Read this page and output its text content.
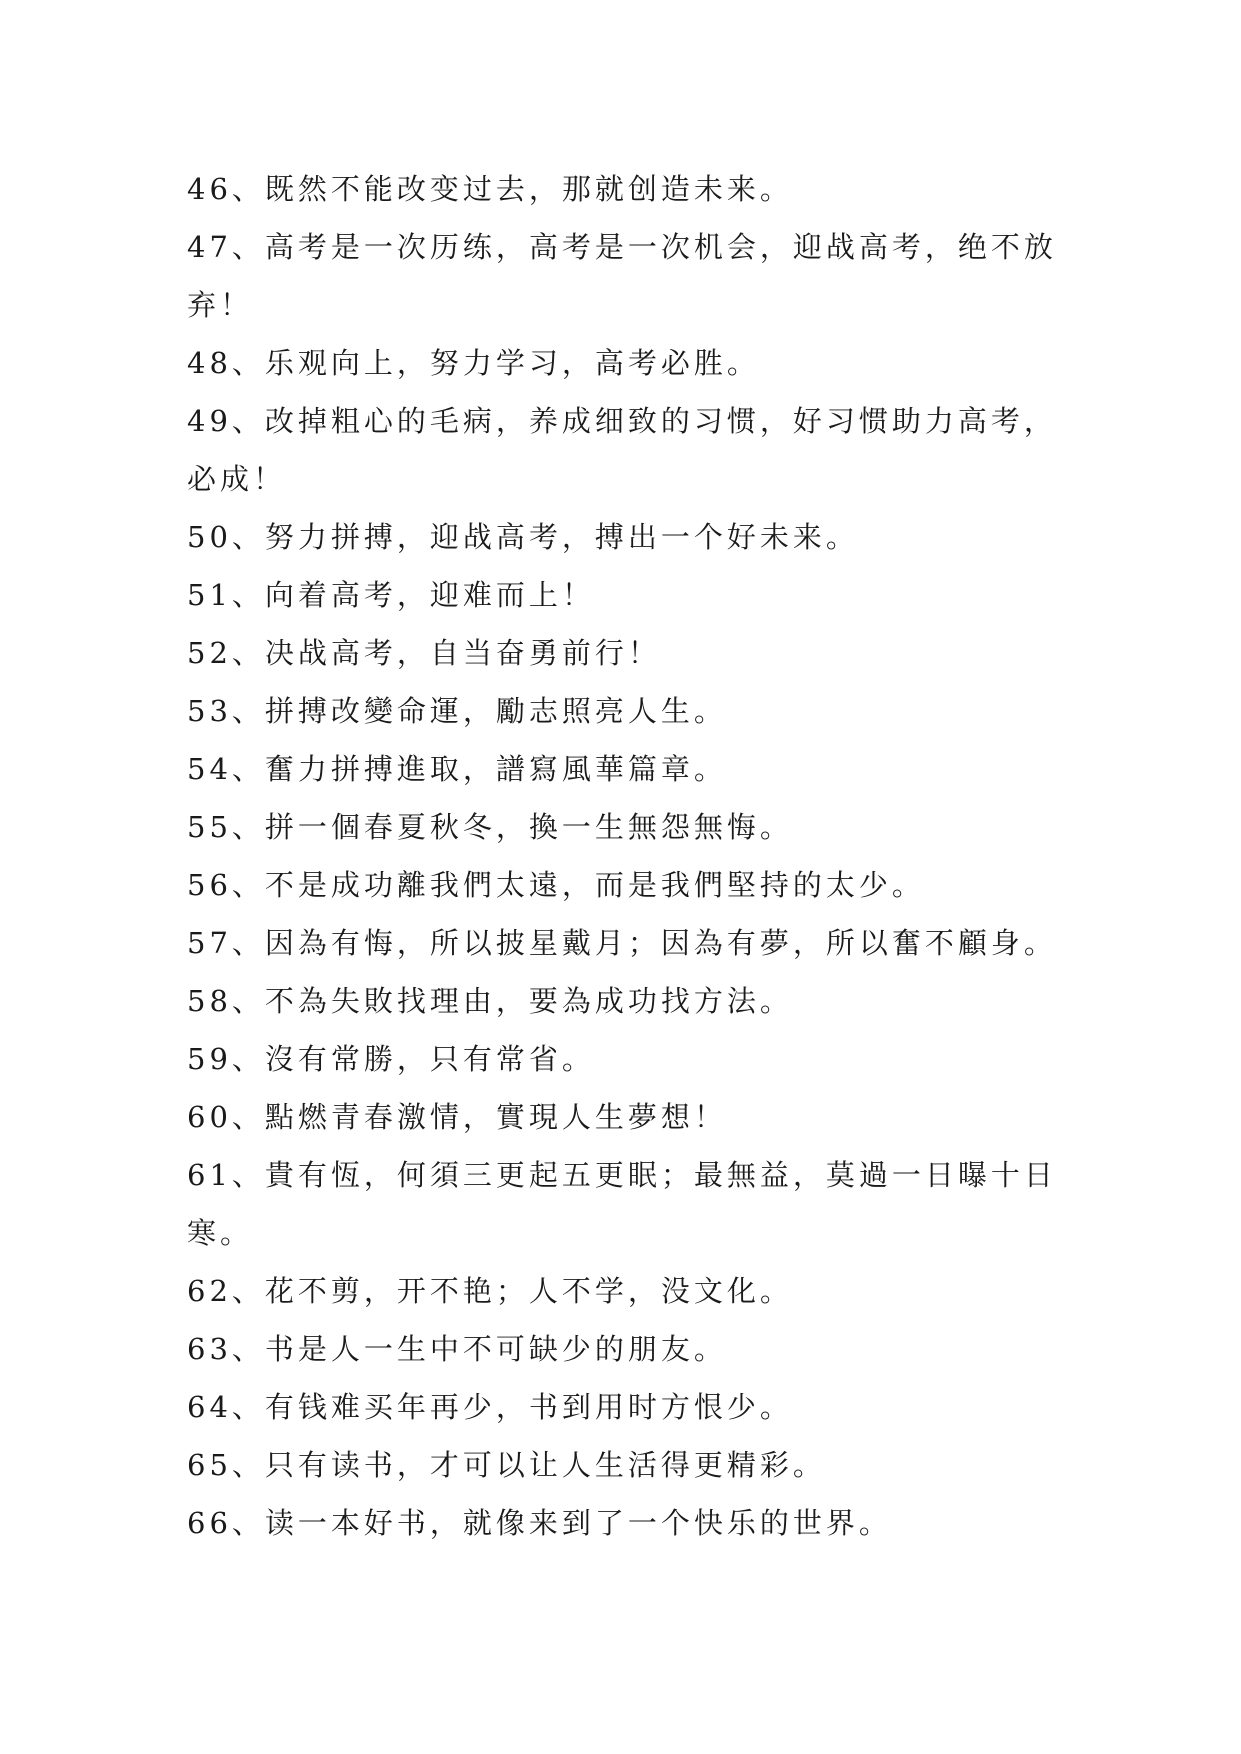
46、既然不能改变过去，那就创造未来。

47、高考是一次历练，高考是一次机会，迎战高考，绝不放弃！

48、乐观向上，努力学习，高考必胜。

49、改掉粗心的毛病，养成细致的习惯，好习惯助力高考，必成！

50、努力拼搏，迎战高考，搏出一个好未来。

51、向着高考，迎难而上！

52、决战高考，自当奋勇前行！

53、拼搏改變命運，勵志照亮人生。

54、奮力拼搏進取，譜寫風華篇章。

55、拼一個春夏秋冬，換一生無怨無悔。

56、不是成功離我們太遠，而是我們堅持的太少。

57、因為有悔，所以披星戴月；因為有夢，所以奮不顧身。

58、不為失敗找理由，要為成功找方法。

59、沒有常勝，只有常省。

60、點燃青春激情，實現人生夢想！

61、貴有恆，何須三更起五更眠；最無益，莫過一日曝十日寒。

62、花不剪，开不艳；人不学，没文化。

63、书是人一生中不可缺少的朋友。

64、有钱难买年再少，书到用时方恨少。

65、只有读书，才可以让人生活得更精彩。

66、读一本好书，就像来到了一个快乐的世界。
